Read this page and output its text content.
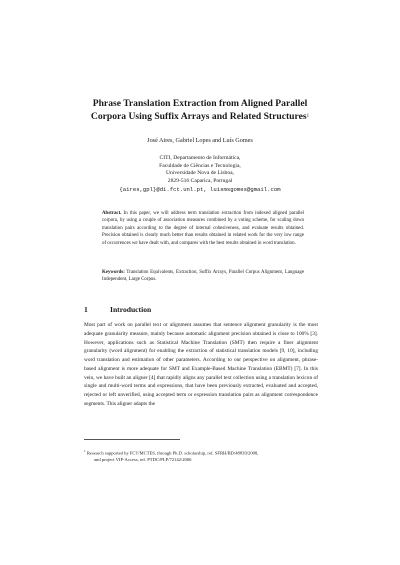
Phrase Translation Extraction from Aligned Parallel
Corpora Using Suffix Arrays and Related Structures$^1$
José Aires, Gabriel Lopes and Luís Gomes
CITI, Departamento de Informática,
Faculdade de Ciências e Tecnologia,
Universidade Nova de Lisboa,
2829-516 Caparica, Portugal
{aires,gpl}@di.fct.unl.pt, luismsgomes@gmail.com
Abstract. In this paper, we will address term translation extraction from indexed aligned parallel corpora, by using a couple of association measures combined by a voting scheme, for scaling down translation pairs according to the degree of internal cohesiveness, and evaluate results obtained. Precision obtained is clearly much better than results obtained in related work for the very low range of occurrences we have dealt with, and compares with the best results obtained in word translation.
Keywords: Translation Equivalents, Extraction, Suffix Arrays, Parallel Corpus Alignment, Language Independent, Large Corpus.
1	Introduction
Most part of work on parallel text or alignment assumes that sentence alignment granularity is the most adequate granularity measure, mainly because automatic alignment precision obtained is close to 100% [3]. However, applications such as Statistical Machine Translation (SMT) then require a finer alignment granularity (word alignment) for enabling the extraction of statistical translation models [9, 10], including word translation and estimation of other parameters. According to our perspective on alignment, phrase-based alignment is more adequate for SMT and Example-Based Machine Translation (EBMT) [7]. In this vein, we have built an aligner [4] that rapidly aligns any parallel text collection using a translation lexicon of single and multi-word terms and expressions, that have been previously extracted, evaluated and accepted, rejected or left unverified, using accepted term or expression translation pairs as alignment correspondence segments. This aligner adapts the
$^1$ Research supported by FCT/MCTES, through Ph.D. scholarship, ref. SFRH/BD/48839/2008,
and project VIP-Access, ref. PTDC/PLP/72142/2006
